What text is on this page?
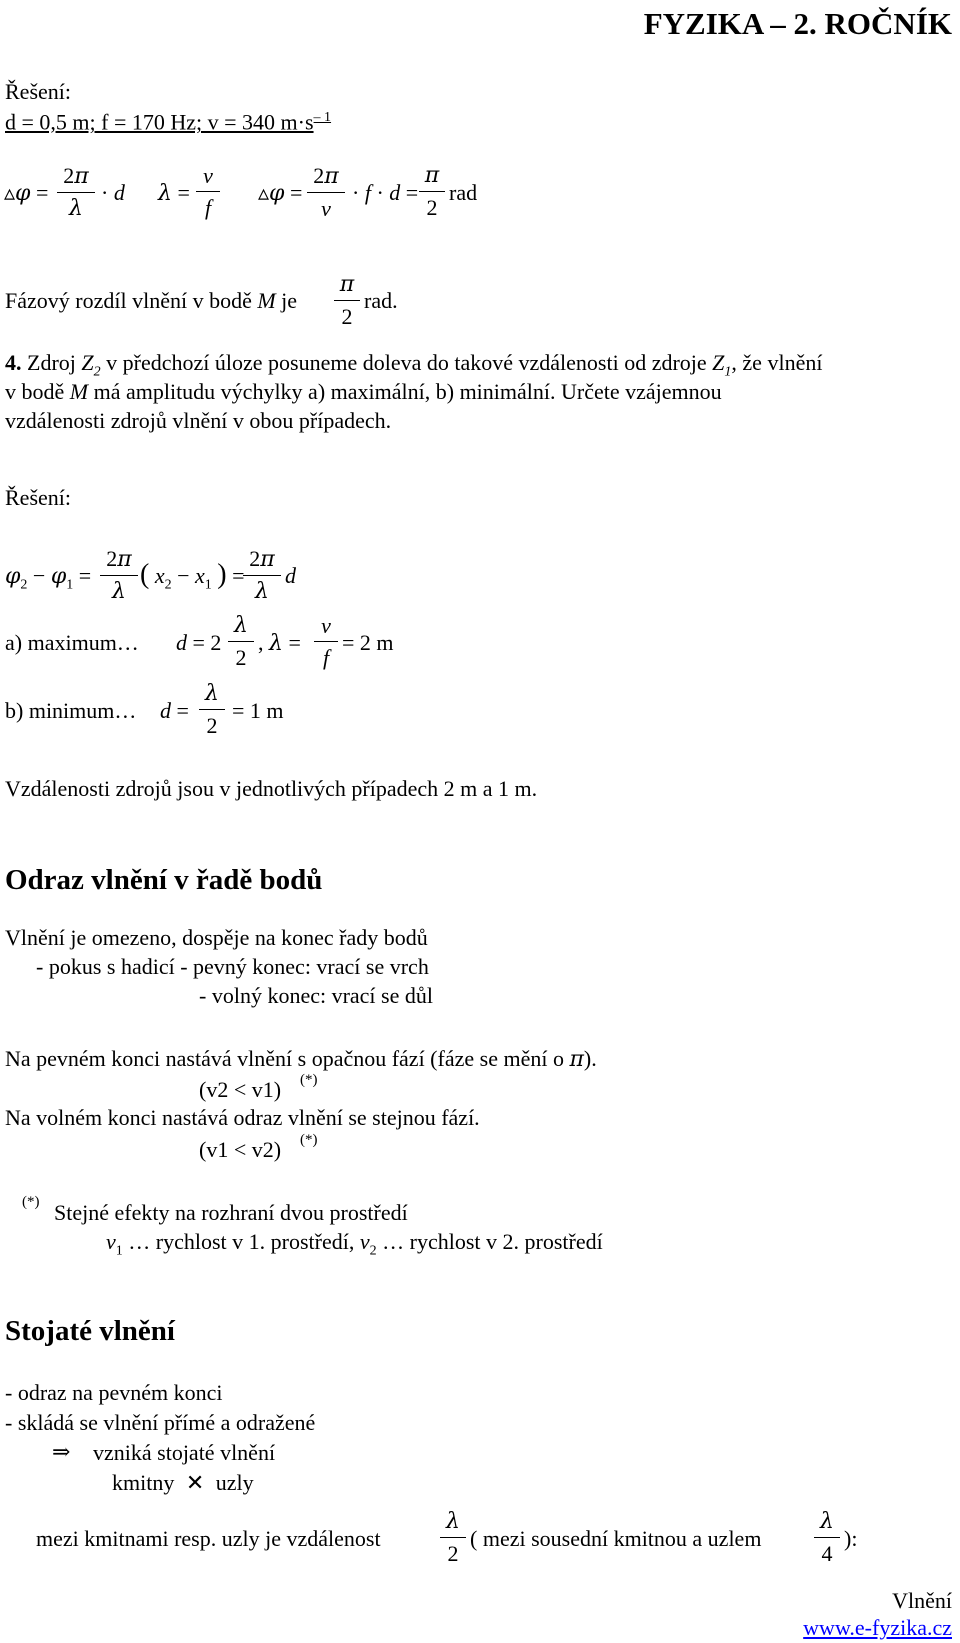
FYZIKA – 2. ROČNÍK
Řešení:
d = 0,5 m; f = 170 Hz; v = 340 $m\cdot s^{- 1}$
▵φ = $\frac{2\pi}{\lambda} \cdot d$ $\lambda = \frac{v}{f}$ ▵φ = $\frac{2\pi}{v} \cdot f \cdot d = \frac{\pi}{2}$ rad
Fázový rozdíl vlnění v bodě M je $\frac{\pi}{2}$ rad.
4. Zdroj $Z_2$ v předchozí úloze posuneme doleva do takové vzdálenosti od zdroje $Z_1$, že vlnění
v bodě M má amplitudu výchylky a) maximální, b) minimální. Určete vzájemnou
vzdálenosti zdrojů vlnění v obou případech.
Řešení:
$\varphi_2 - \varphi_1 = \frac{2\pi}{\lambda}$ ( $x_2 - x_1$ ) =
$\frac{2\pi}{\lambda}$ d
a) maximum… $d = 2 \frac{\lambda}{2}$ , $\lambda = \frac{v}{f} = 2$ m
b) minimum… $d = \frac{\lambda}{2} = 1$ m
Vzdálenosti zdrojů jsou v jednotlivých případech 2 m a 1 m.
Odraz vlnění v řadě bodů
Vlnění je omezeno, dospěje na konec řady bodů
- pokus s hadicí - pevný konec: vrací se vrch
- volný konec: vrací se důl
Na pevném konci nastává vlnění s opačnou fází (fáze se mění o π).
(v2 < v1) (*)
Na volném konci nastává odraz vlnění se stejnou fází.
(v1 < v2) (*)
(*) Stejné efekty na rozhraní dvou prostředí
$v_1$ … rychlost v 1. prostředí, $v_2$ … rychlost v 2. prostředí
Stojaté vlnění
- odraz na pevném konci
- skládá se vlnění přímé a odražené
⇒ vzniká stojaté vlnění
kmitny ✕ uzly
mezi kmitnami resp. uzly je vzdálenost	$\frac{\lambda}{2}$ ( mezi sousední kmitnou a uzlem $\frac{\lambda}{4}$ ):
Vlnění
www.e-fyzika.cz
